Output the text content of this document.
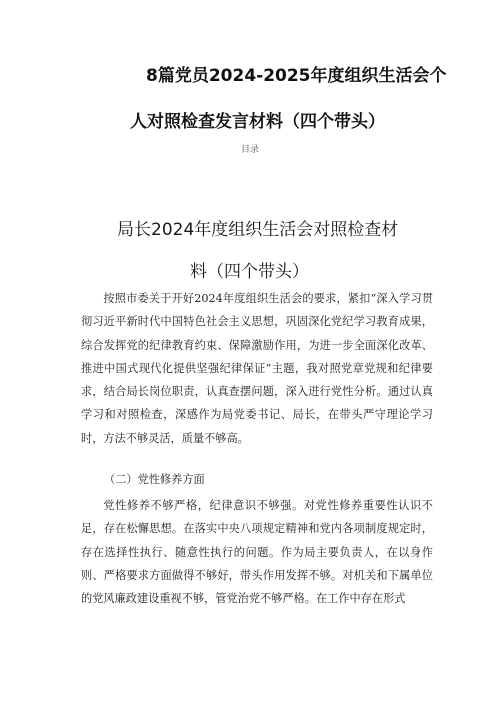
8篇党员2024-2025年度组织生活会个
人对照检查发言材料（四个带头）
目录
局长2024年度组织生活会对照检查材
料（四个带头）

按照市委关于开好2024年度组织生活会的要求，紧扣“深入学习贯彻习近平新时代中国特色社会主义思想，巩固深化党纪学习教育成果，综合发挥党的纪律教育约束、保障激励作用，为进一步全面深化改革、推进中国式现代化提供坚强纪律保证”主题，我对照党章党规和纪律要求，结合局长岗位职责，认真查摆问题，深入进行党性分析。通过认真学习和对照检查，深感作为局党委书记、局长，在带头严守理论学习时，方法不够灵活，质量不够高。

（二）党性修养方面

党性修养不够严格，纪律意识不够强。对党性修养重要性认识不足，存在松懈思想。在落实中央八项规定精神和党内各项制度规定时，存在选择性执行、随意性执行的问题。作为局主要负责人，在以身作则、严格要求方面做得不够好，带头作用发挥不够。对机关和下属单位的党风廉政建设重视不够，管党治党不够严格。在工作中存在形式
